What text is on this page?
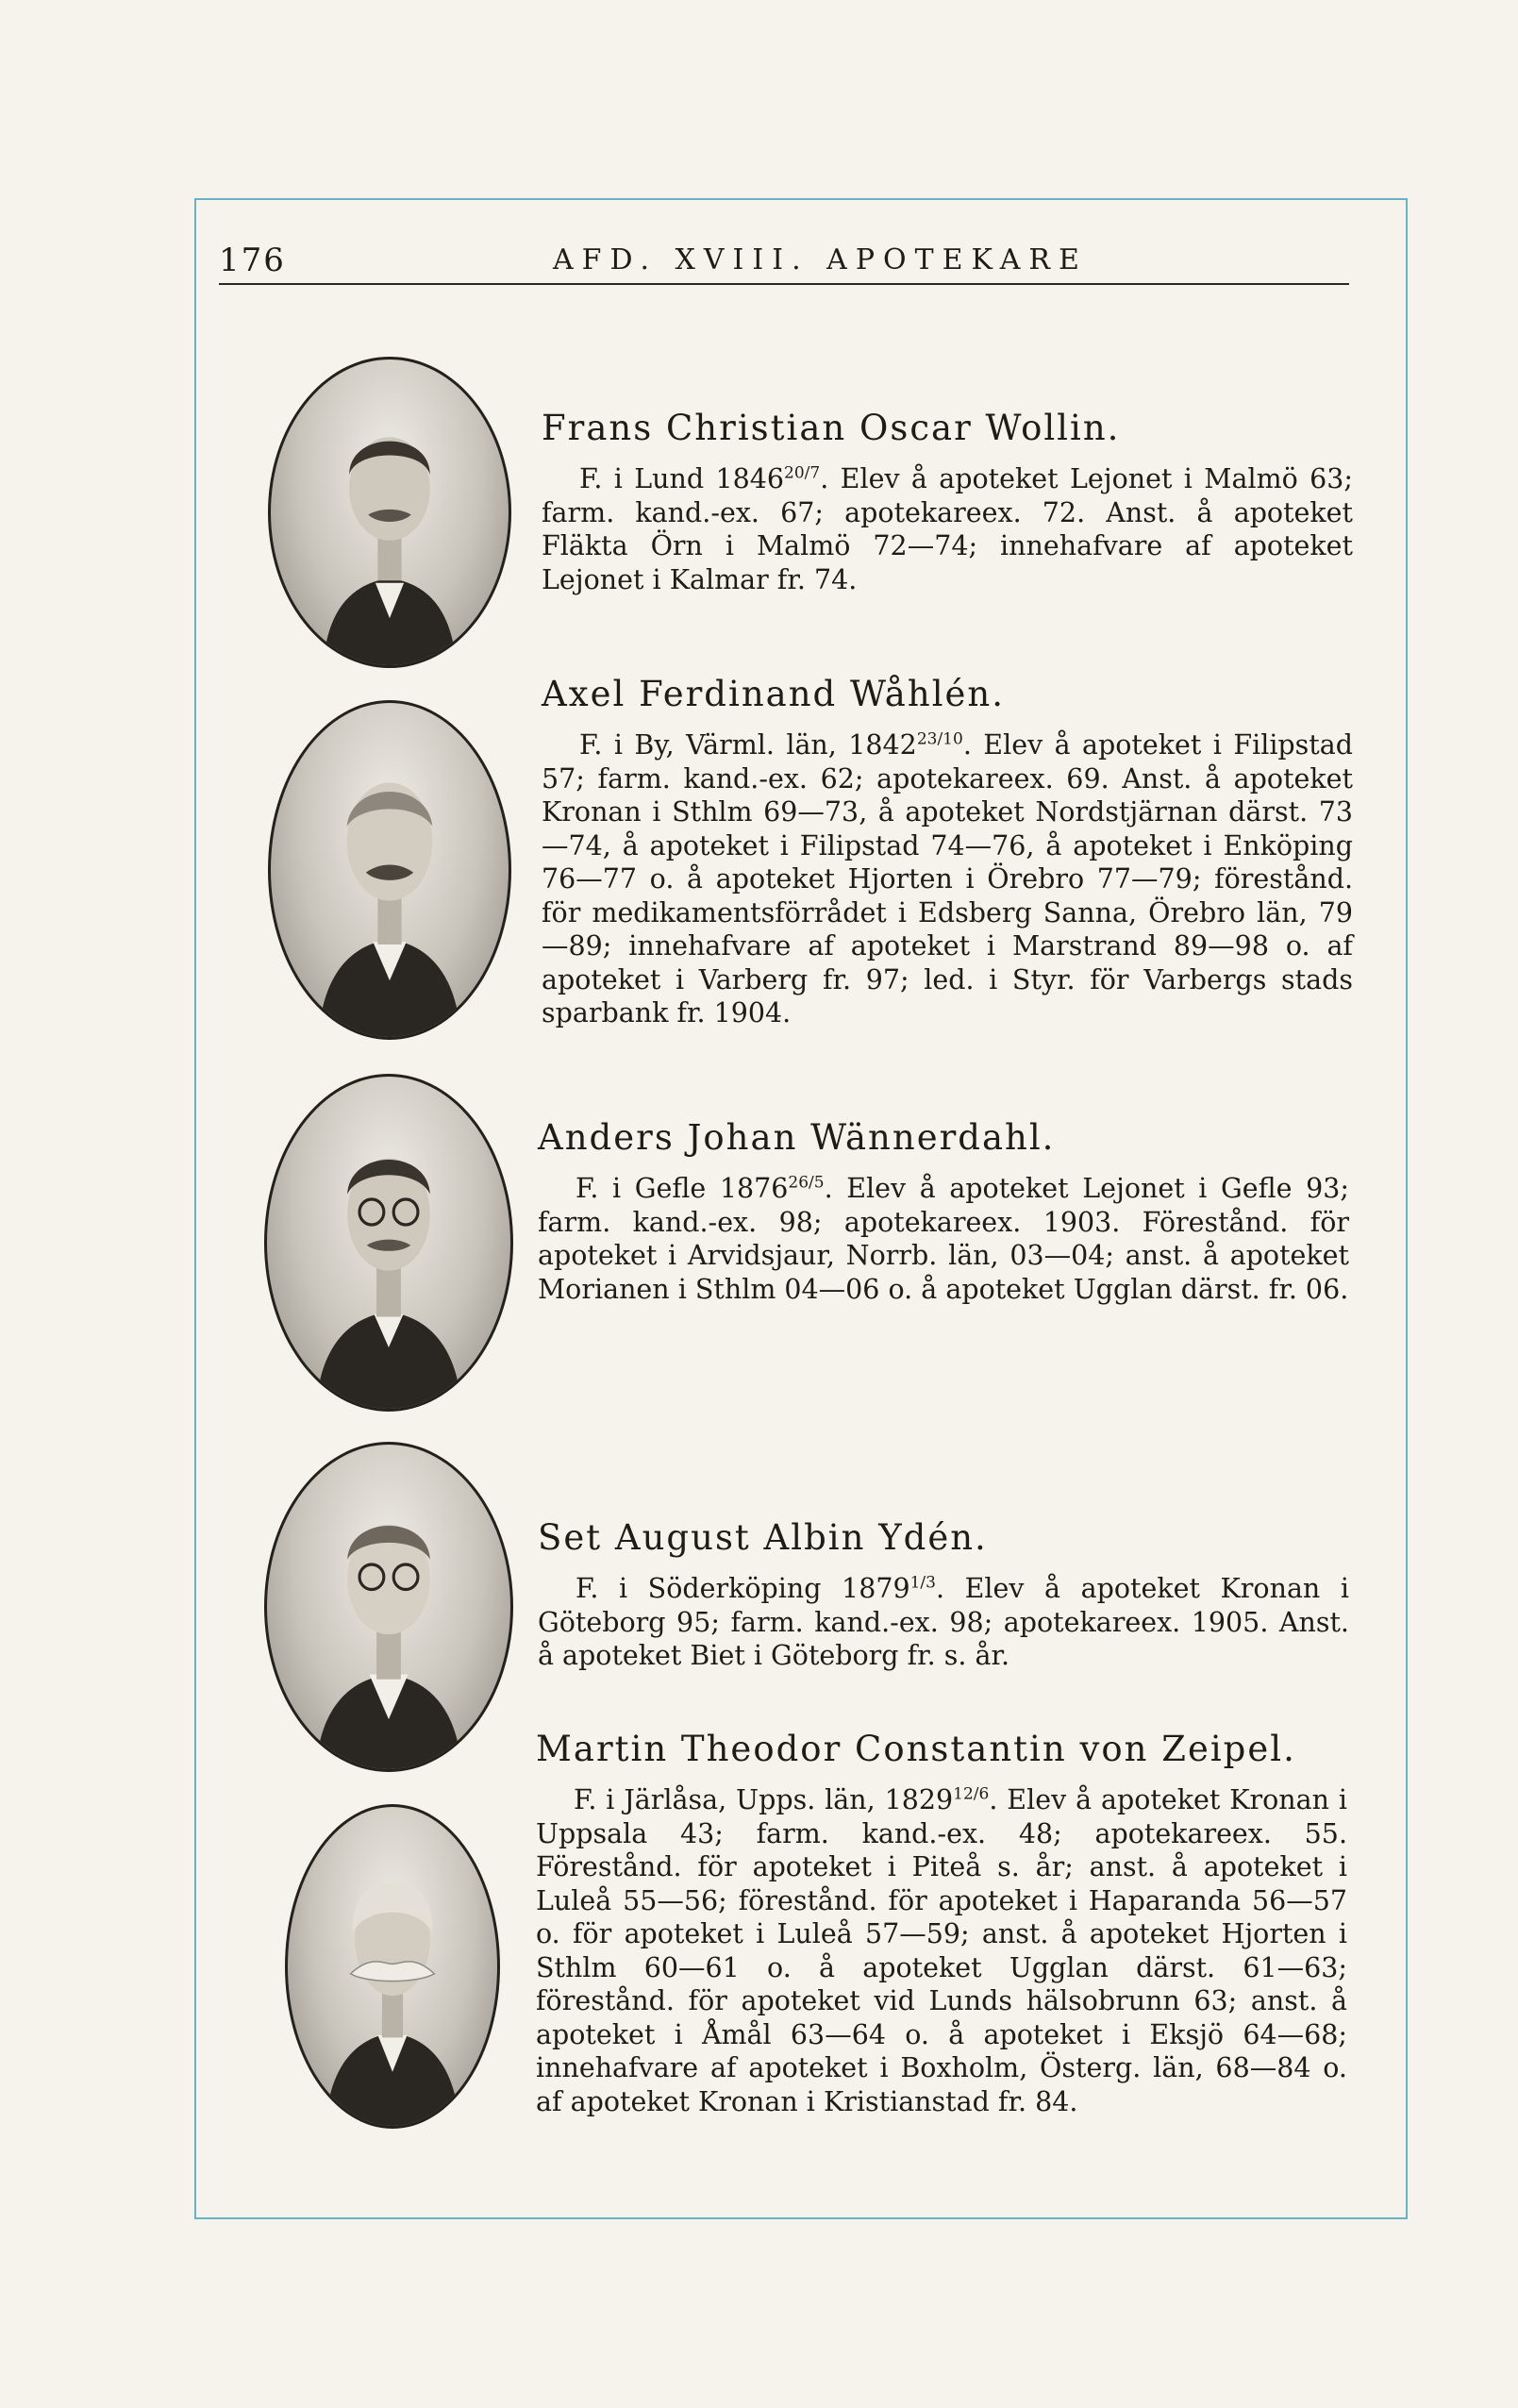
176	AFD. XVIII. APOTEKARE
Frans Christian Oscar Wollin.

F. i Lund $1846^{20/7}$. Elev å apoteket Lejonet i Malmö 63; farm. kand.-ex. 67; apotekareex. 72. Anst. å apoteket Fläkta Örn i Malmö 72—74; innehafvare af apoteket Lejonet i Kalmar fr. 74.

Axel Ferdinand Wåhlén.

F. i By, Värml. län, $1842^{23/10}$. Elev å apoteket i Filipstad 57; farm. kand.-ex. 62; apotekareex. 69. Anst. å apoteket Kronan i Sthlm 69—73, å apoteket Nordstjärnan därst. 73—74, å apoteket i Filipstad 74—76, å apoteket i Enköping 76—77 o. å apoteket Hjorten i Örebro 77—79; förestånd. för medikamentsförrådet i Edsberg Sanna, Örebro län, 79—89; innehafvare af apoteket i Marstrand 89—98 o. af apoteket i Varberg fr. 97; led. i Styr. för Varbergs stads sparbank fr. 1904.

Anders Johan Wännerdahl.

F. i Gefle $1876^{26/5}$. Elev å apoteket Lejonet i Gefle 93; farm. kand.-ex. 98; apotekareex. 1903. Förestånd. för apoteket i Arvidsjaur, Norrb. län, 03—04; anst. å apoteket Morianen i Sthlm 04—06 o. å apoteket Ugglan därst. fr. 06.

Set August Albin Ydén.

F. i Söderköping $1879^{1/3}$. Elev å apoteket Kronan i Göteborg 95; farm. kand.-ex. 98; apotekareex. 1905. Anst. å apoteket Biet i Göteborg fr. s. år.

Martin Theodor Constantin von Zeipel.

F. i Järlåsa, Upps. län, $1829^{12/6}$. Elev å apoteket Kronan i Uppsala 43; farm. kand.-ex. 48; apotekareex. 55. Förestånd. för apoteket i Piteå s. år; anst. å apoteket i Luleå 55—56; förestånd. för apoteket i Haparanda 56—57 o. för apoteket i Luleå 57—59; anst. å apoteket Hjorten i Sthlm 60—61 o. å apoteket Ugglan därst. 61—63; förestånd. för apoteket vid Lunds hälsobrunn 63; anst. å apoteket i Åmål 63—64 o. å apoteket i Eksjö 64—68; innehafvare af apoteket i Boxholm, Österg. län, 68—84 o. af apoteket Kronan i Kristianstad fr. 84.
